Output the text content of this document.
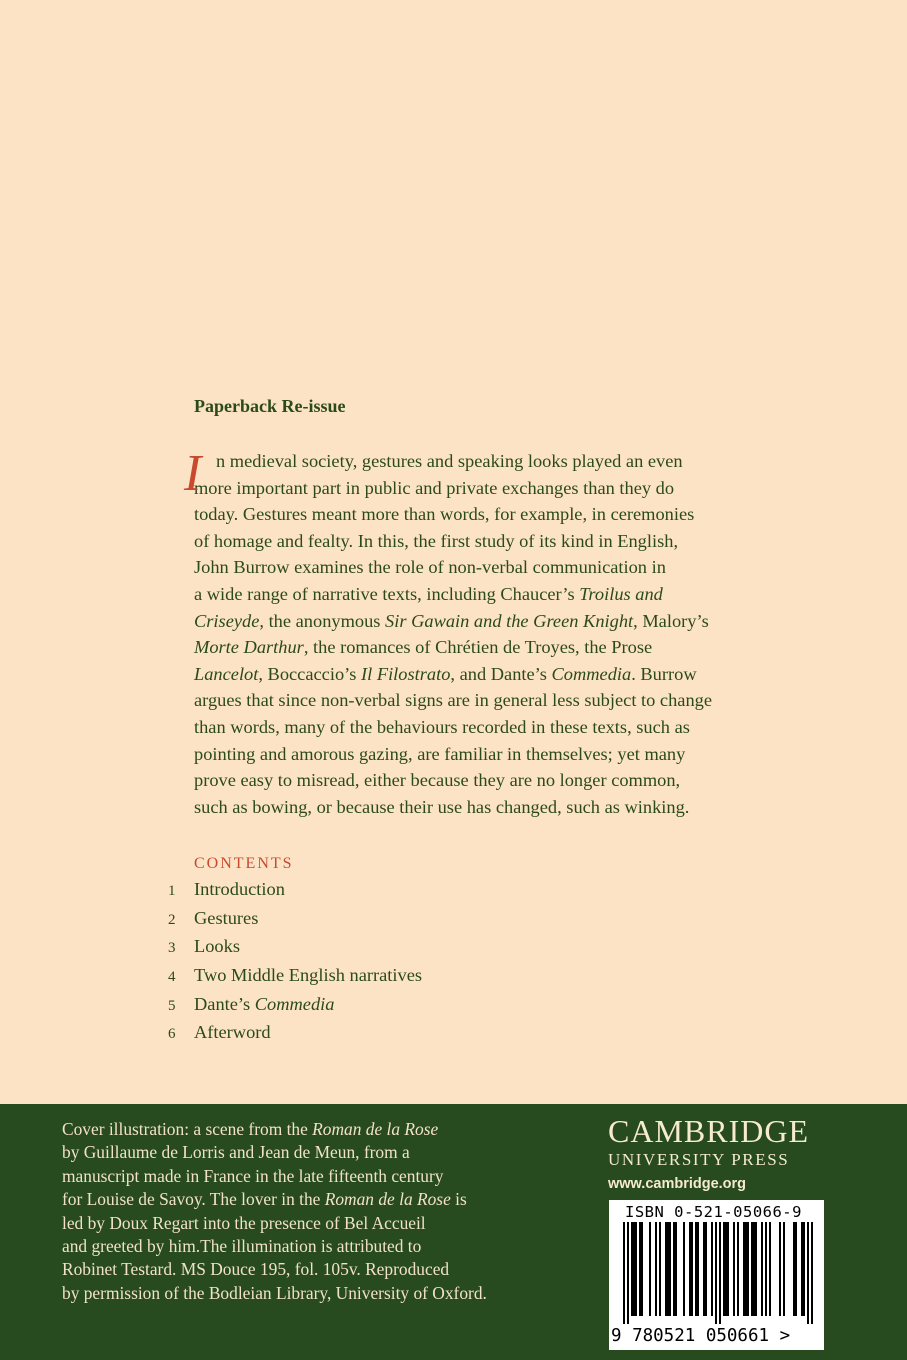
Paperback Re-issue
I n medieval society, gestures and speaking looks played an even
more important part in public and private exchanges than they do
today. Gestures meant more than words, for example, in ceremonies
of homage and fealty. In this, the first study of its kind in English,
John Burrow examines the role of non-verbal communication in
a wide range of narrative texts, including Chaucer’s Troilus and
Criseyde, the anonymous Sir Gawain and the Green Knight, Malory’s
Morte Darthur, the romances of Chrétien de Troyes, the Prose
Lancelot, Boccaccio’s Il Filostrato, and Dante’s Commedia. Burrow
argues that since non-verbal signs are in general less subject to change
than words, many of the behaviours recorded in these texts, such as
pointing and amorous gazing, are familiar in themselves; yet many
prove easy to misread, either because they are no longer common,
such as bowing, or because their use has changed, such as winking.
CONTENTS
1	Introduction
2	Gestures
3	Looks
4	Two Middle English narratives
5	Dante’s Commedia
6	Afterword
Cover illustration: a scene from the Roman de la Rose
by Guillaume de Lorris and Jean de Meun, from a
manuscript made in France in the late fifteenth century
for Louise de Savoy. The lover in the Roman de la Rose is
led by Doux Regart into the presence of Bel Accueil
and greeted by him.The illumination is attributed to
Robinet Testard. MS Douce 195, fol. 105v. Reproduced
by permission of the Bodleian Library, University of Oxford.
CAMBRIDGE
UNIVERSITY PRESS
www.cambridge.org
ISBN 0-521-05066-9
9 780521 050661 >
